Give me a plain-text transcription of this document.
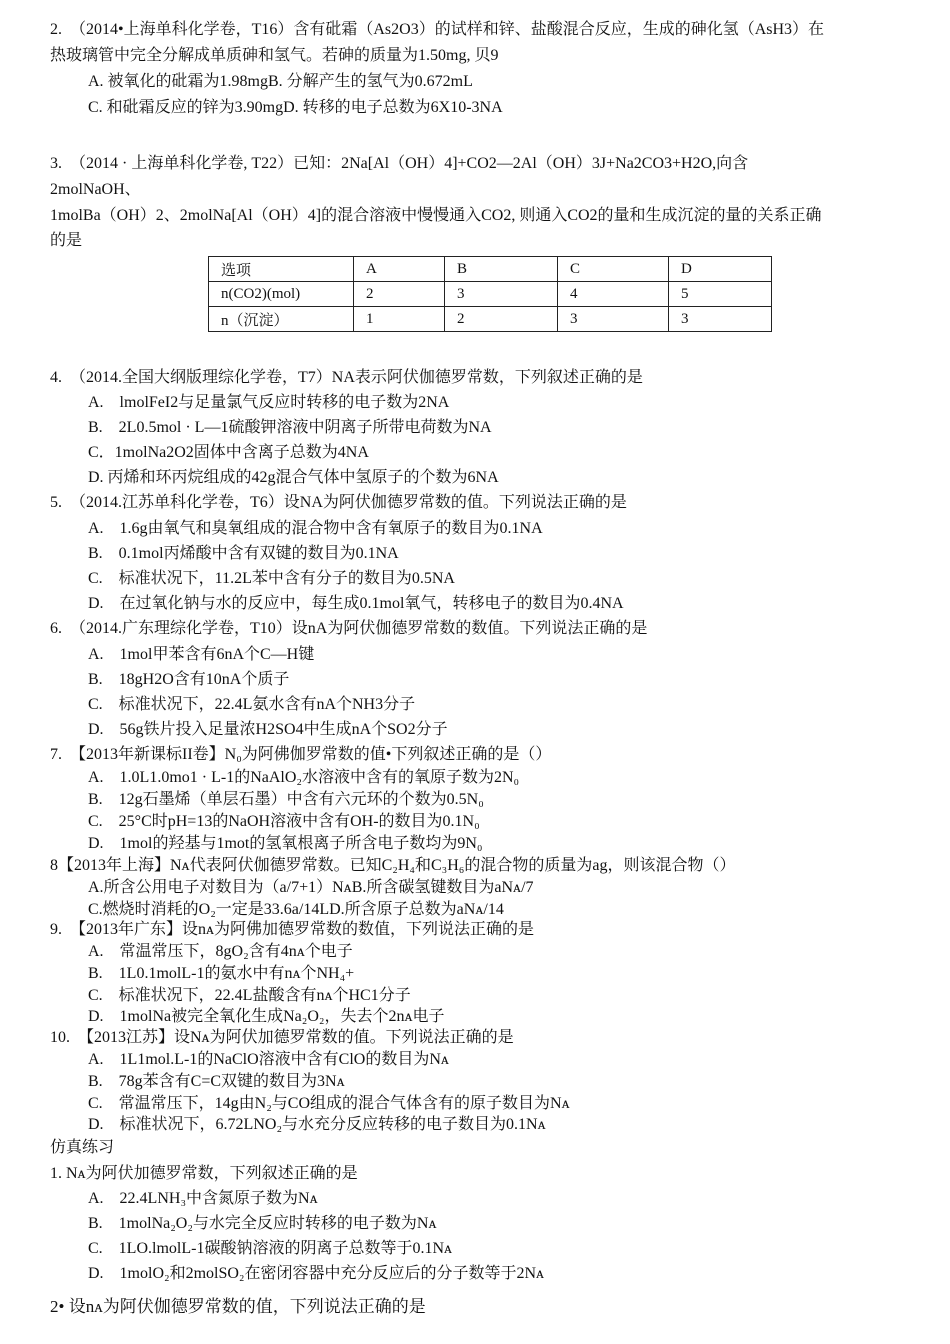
2.　（2014•上海单科化学卷，T16）含有砒霜（As2O3）的试样和锌、盐酸混合反应，生成的砷化氢（AsH3）在
热玻璃管中完全分解成单质砷和氢气。若砷的质量为1.50mg, 贝9
A. 被氧化的砒霜为1.98mgB. 分解产生的氢气为0.672mL
C. 和砒霜反应的锌为3.90mgD. 转移的电子总数为6X10-3NA
3.　（2014 · 上海单科化学卷, T22）已知：2Na[Al（OH）4]+CO2—2Al（OH）3J+Na2CO3+H2O,向含
2molNaOH、
1molBa（OH）2、2molNa[Al（OH）4]的混合溶液中慢慢通入CO2, 则通入CO2的量和生成沉淀的量的关系正确
的是
选项	A	B	C	D
n(CO2)(mol)	2	3	4	5
n（沉淀）	1	2	3	3
4.　（2014.全国大纲版理综化学卷，T7）NA表示阿伏伽德罗常数，下列叙述正确的是
A.　lmolFeI2与足量氯气反应时转移的电子数为2NA
B.　2L0.5mol · L—1硫酸钾溶液中阴离子所带电荷数为NA
C．1molNa2O2固体中含离子总数为4NA
D. 丙烯和环丙烷组成的42g混合气体中氢原子的个数为6NA
5.　（2014.江苏单科化学卷，T6）设NA为阿伏伽德罗常数的值。下列说法正确的是
A.　1.6g由氧气和臭氧组成的混合物中含有氧原子的数目为0.1NA
B.　0.1mol丙烯酸中含有双键的数目为0.1NA
C.　标准状况下，11.2L苯中含有分子的数目为0.5NA
D.　在过氧化钠与水的反应中，每生成0.1mol氧气，转移电子的数目为0.4NA
6.　（2014.广东理综化学卷，T10）设nA为阿伏伽德罗常数的数值。下列说法正确的是
A.　1mol甲苯含有6nA个C—H键
B.　18gH2O含有10nA个质子
C.　标准状况下，22.4L氨水含有nA个NH3分子
D.　56g铁片投入足量浓H2SO4中生成nA个SO2分子
7.　【2013年新课标II卷】N₀为阿佛伽罗常数的值•下列叙述正确的是（）
A.　1.0L1.0mo1 · L-1的NaAlO₂水溶液中含有的氧原子数为2N₀
B.　12g石墨烯（单层石墨）中含有六元环的个数为0.5N₀
C.　25°C时pH=13的NaOH溶液中含有OH-的数目为0.1N₀
D.　1mol的羟基与1mot的氢氧根离子所含电子数均为9N₀
8【2013年上海】Nᴀ代表阿伏伽德罗常数。已知C₂H₄和C₃H₆的混合物的质量为ag，则该混合物（）
A.所含公用电子对数目为（a/7+1）NᴀB.所含碳氢键数目为aNᴀ/7
C.燃烧时消耗的O₂一定是33.6a/14LD.所含原子总数为aNᴀ/14
9.　【2013年广东】设nᴀ为阿佛加德罗常数的数值，下列说法正确的是
A.　常温常压下，8gO₂含有4nᴀ个电子
B.　1L0.1molL-1的氨水中有nᴀ个NH₄+
C.　标准状况下，22.4L盐酸含有nᴀ个HC1分子
D.　1molNa被完全氧化生成Na₂O₂，失去个2nᴀ电子
10.　【2013江苏】设Nᴀ为阿伏加德罗常数的值。下列说法正确的是
A.　1L1mol.L-1的NaClO溶液中含有ClO的数目为Nᴀ
B.　78g苯含有C=C双键的数目为3Nᴀ
C.　常温常压下，14g由N₂与CO组成的混合气体含有的原子数目为Nᴀ
D.　标准状况下，6.72LNO₂与水充分反应转移的电子数目为0.1Nᴀ
仿真练习
1. Nᴀ为阿伏加德罗常数，下列叙述正确的是
A.　22.4LNH₃中含氮原子数为Nᴀ
B.　1molNa₂O₂与水完全反应时转移的电子数为Nᴀ
C.　1LO.lmolL-1碳酸钠溶液的阴离子总数等于0.1Nᴀ
D.　1molO₂和2molSO₂在密闭容器中充分反应后的分子数等于2Nᴀ
2• 设nᴀ为阿伏伽德罗常数的值，下列说法正确的是
